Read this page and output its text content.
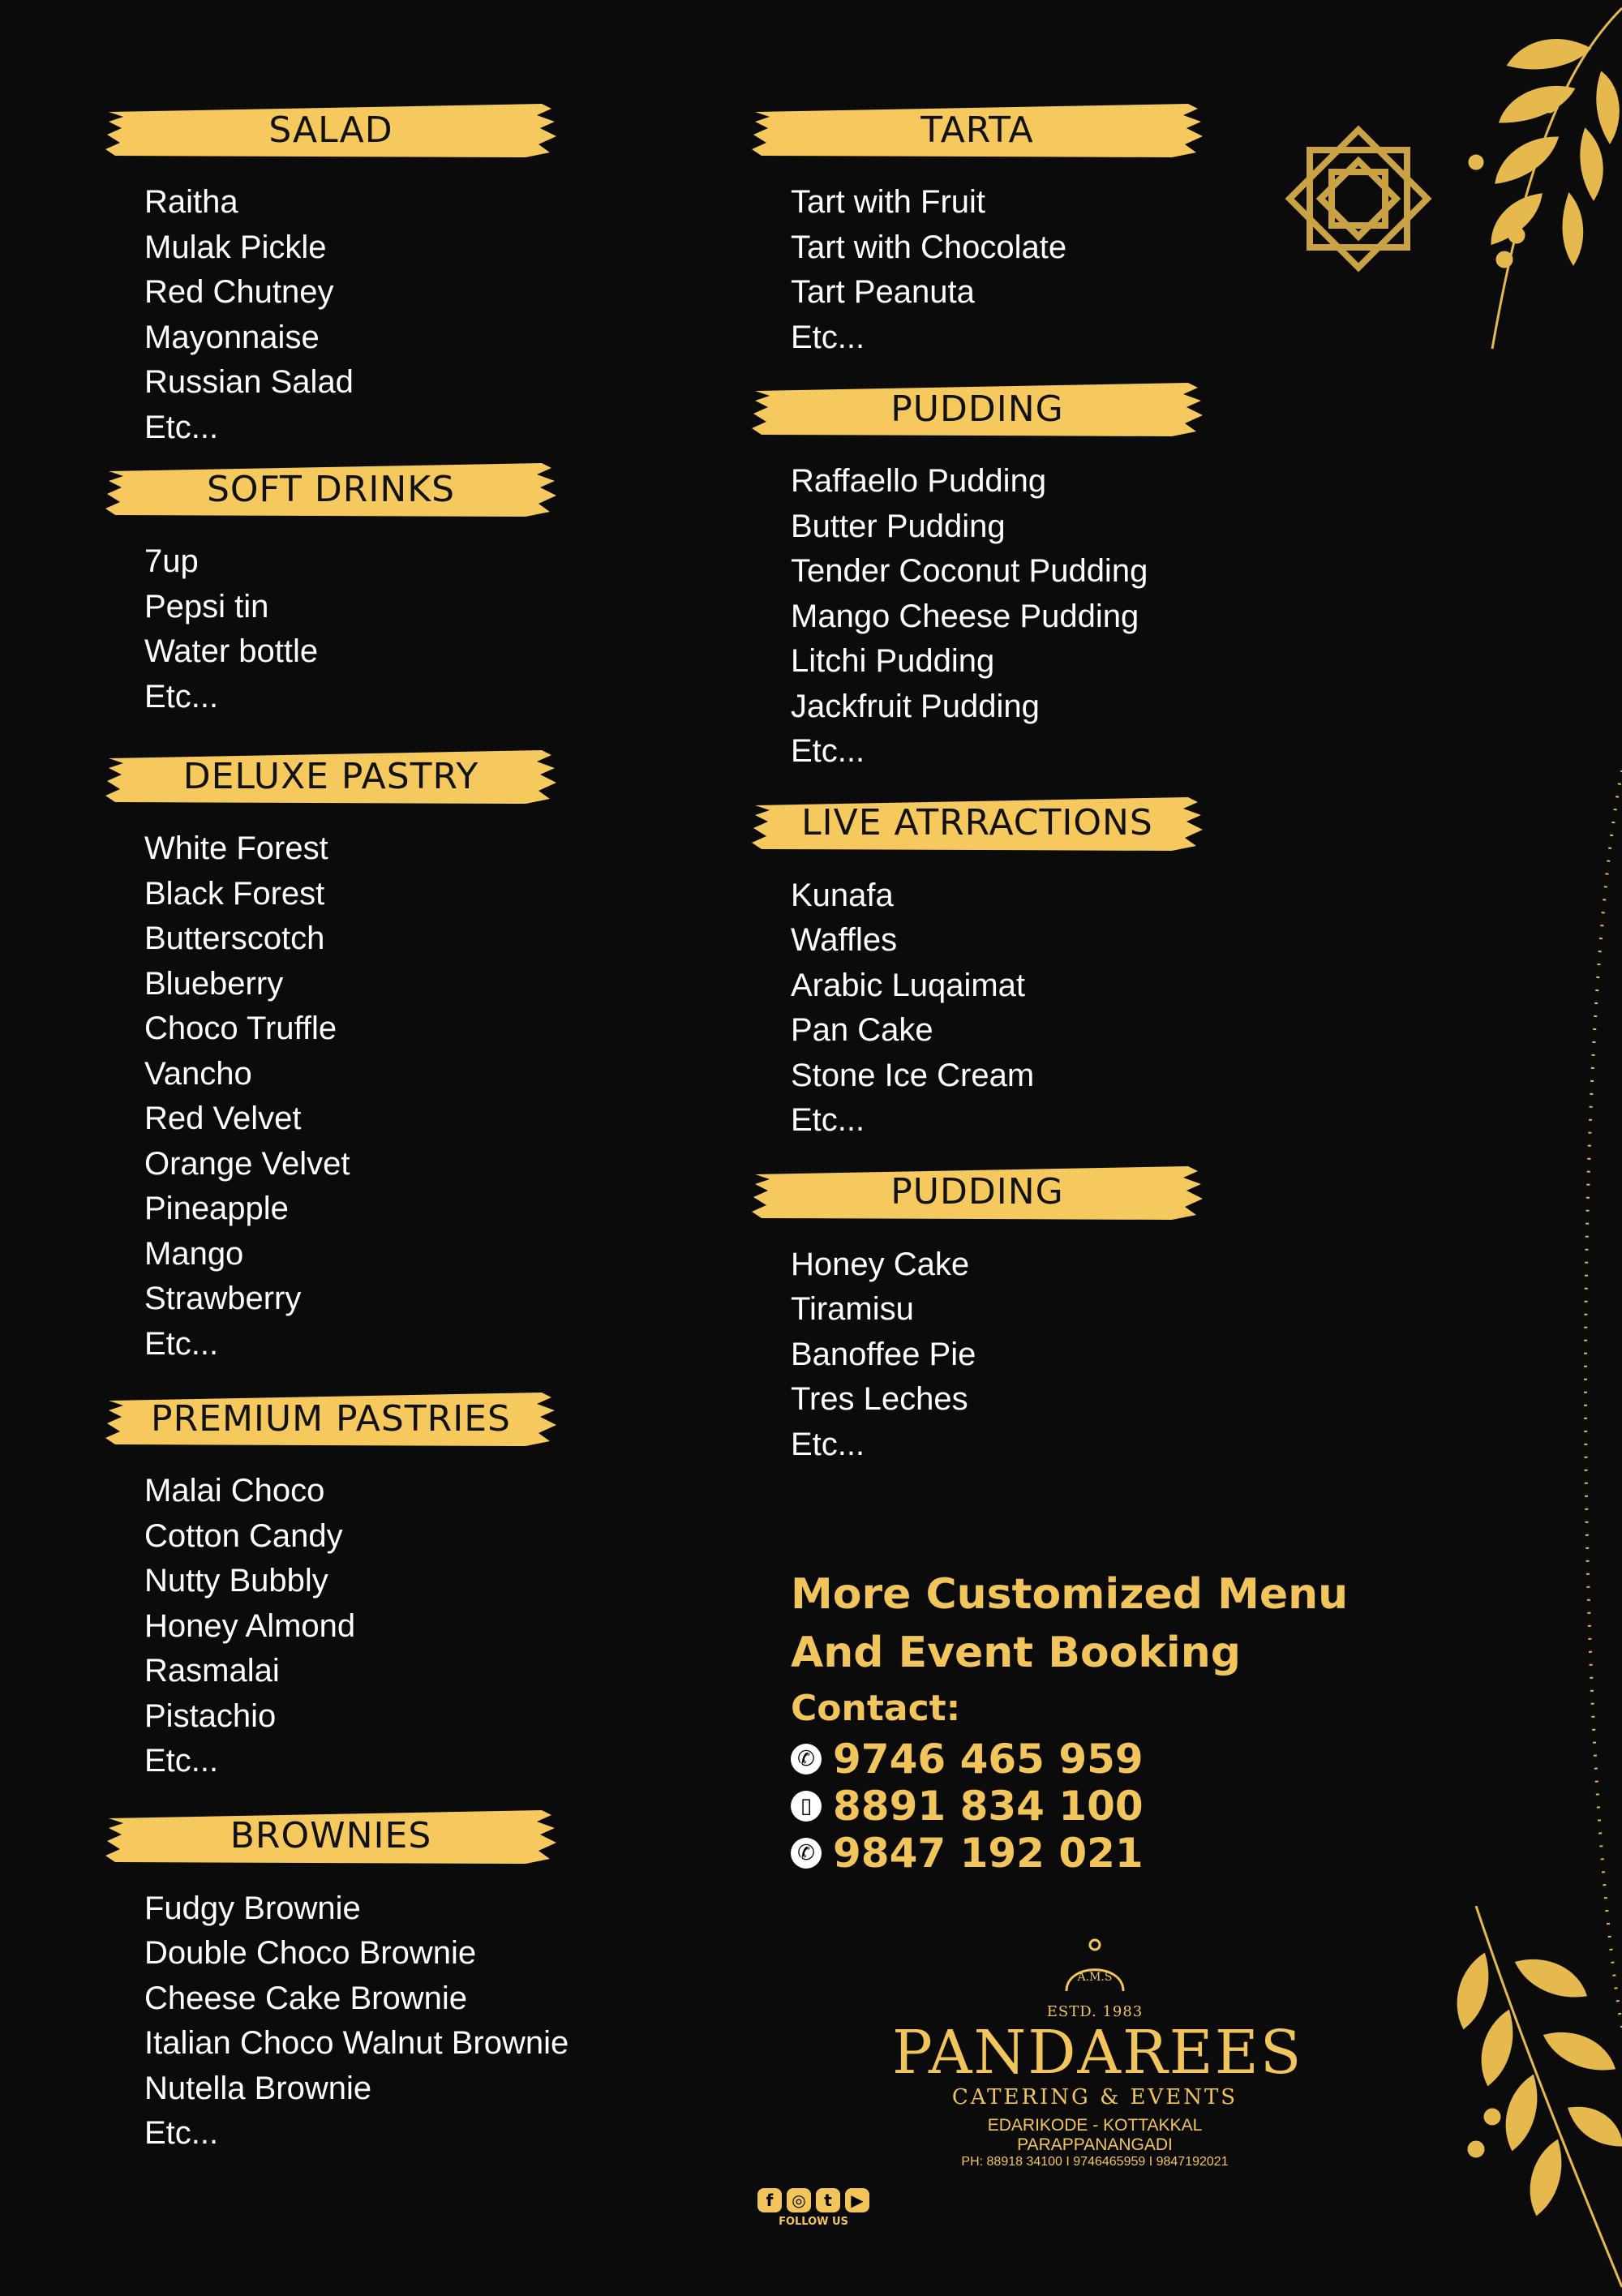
SALAD
Raitha
Mulak Pickle
Red Chutney
Mayonnaise
Russian Salad
Etc...
SOFT DRINKS
7up
Pepsi tin
Water bottle
Etc...
DELUXE PASTRY
White Forest
Black Forest
Butterscotch
Blueberry
Choco Truffle
Vancho
Red Velvet
Orange Velvet
Pineapple
Mango
Strawberry
Etc...
PREMIUM PASTRIES
Malai Choco
Cotton Candy
Nutty Bubbly
Honey Almond
Rasmalai
Pistachio
Etc...
BROWNIES
Fudgy Brownie
Double Choco Brownie
Cheese Cake Brownie
Italian Choco Walnut Brownie
Nutella Brownie
Etc...
TARTA
Tart with Fruit
Tart with Chocolate
Tart Peanuta
Etc...
PUDDING
Raffaello Pudding
Butter Pudding
Tender Coconut Pudding
Mango Cheese Pudding
Litchi Pudding
Jackfruit Pudding
Etc...
LIVE ATRRACTIONS
Kunafa
Waffles
Arabic Luqaimat
Pan Cake
Stone Ice Cream
Etc...
PUDDING
Honey Cake
Tiramisu
Banoffee Pie
Tres Leches
Etc...
More Customized Menu
And Event Booking
Contact:
✆ 9746 465 959
▯ 8891 834 100
✆ 9847 192 021
A.M.S
ESTD. 1983
PANDAREES
CATERING & EVENTS
EDARIKODE - KOTTAKKAL
PARAPPANANGADI
PH: 88918 34100 I 9746465959 I 9847192021
f	◎	t	▶
FOLLOW US
